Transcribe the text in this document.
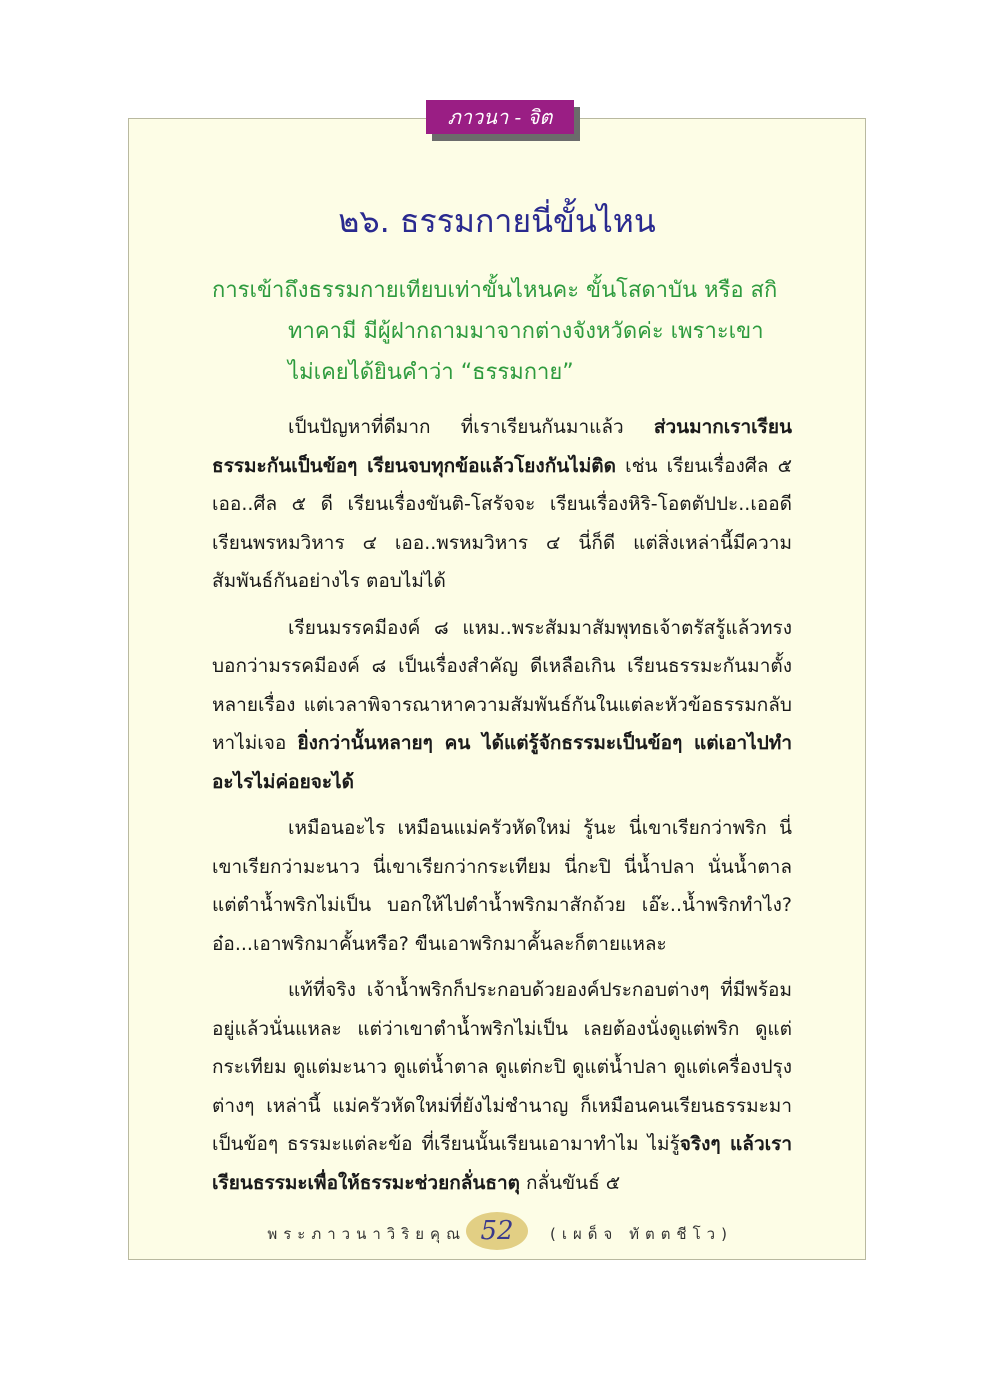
ภาวนา - จิต
๒๖. ธรรมกายนี่ขั้นไหน
การเข้าถึงธรรมกายเทียบเท่าขั้นไหนคะ ขั้นโสดาบัน หรือ สกิ
ทาคามี มีผู้ฝากถามมาจากต่างจังหวัดค่ะ เพราะเขา
ไม่เคยได้ยินคำว่า “ธรรมกาย”

เป็นปัญหาที่ดีมาก ที่เราเรียนกันมาแล้ว ส่วนมากเราเรียนธรรมะกันเป็นข้อๆ เรียนจบทุกข้อแล้วโยงกันไม่ติด เช่น เรียนเรื่องศีล ๕ เออ..ศีล ๕ ดี เรียนเรื่องขันติ-โสรัจจะ เรียนเรื่องหิริ-โอตตัปปะ..เออดี เรียนพรหมวิหาร ๔ เออ..พรหมวิหาร ๔ นี่ก็ดี แต่สิ่งเหล่านี้มีความสัมพันธ์กันอย่างไร ตอบไม่ได้

เรียนมรรคมีองค์ ๘ แหม..พระสัมมาสัมพุทธเจ้าตรัสรู้แล้วทรงบอกว่ามรรคมีองค์ ๘ เป็นเรื่องสำคัญ ดีเหลือเกิน เรียนธรรมะกันมาตั้งหลายเรื่อง แต่เวลาพิจารณาหาความสัมพันธ์กันในแต่ละหัวข้อธรรมกลับหาไม่เจอ ยิ่งกว่านั้นหลายๆ คน ได้แต่รู้จักธรรมะเป็นข้อๆ แต่เอาไปทำอะไรไม่ค่อยจะได้

เหมือนอะไร เหมือนแม่ครัวหัดใหม่ รู้นะ นี่เขาเรียกว่าพริก นี่เขาเรียกว่ามะนาว นี่เขาเรียกว่ากระเทียม นี่กะปิ นี่น้ำปลา นั่นน้ำตาล แต่ตำน้ำพริกไม่เป็น บอกให้ไปตำน้ำพริกมาสักถ้วย เอ๊ะ..น้ำพริกทำไง? อ๋อ...เอาพริกมาคั้นหรือ? ขืนเอาพริกมาคั้นละก็ตายแหละ

แท้ที่จริง เจ้าน้ำพริกก็ประกอบด้วยองค์ประกอบต่างๆ ที่มีพร้อมอยู่แล้วนั่นแหละ แต่ว่าเขาตำน้ำพริกไม่เป็น เลยต้องนั่งดูแต่พริก ดูแต่กระเทียม ดูแต่มะนาว ดูแต่น้ำตาล ดูแต่กะปิ ดูแต่น้ำปลา ดูแต่เครื่องปรุงต่างๆ เหล่านี้ แม่ครัวหัดใหม่ที่ยังไม่ชำนาญ ก็เหมือนคนเรียนธรรมะมาเป็นข้อๆ ธรรมะแต่ละข้อ ที่เรียนนั้นเรียนเอามาทำไม ไม่รู้จริงๆ แล้วเราเรียนธรรมะเพื่อให้ธรรมะช่วยกลั่นธาตุ กลั่นขันธ์ ๕

พระภาวนาวิริยคุณ 52	(เผด็จ ทัตตชีโว)
